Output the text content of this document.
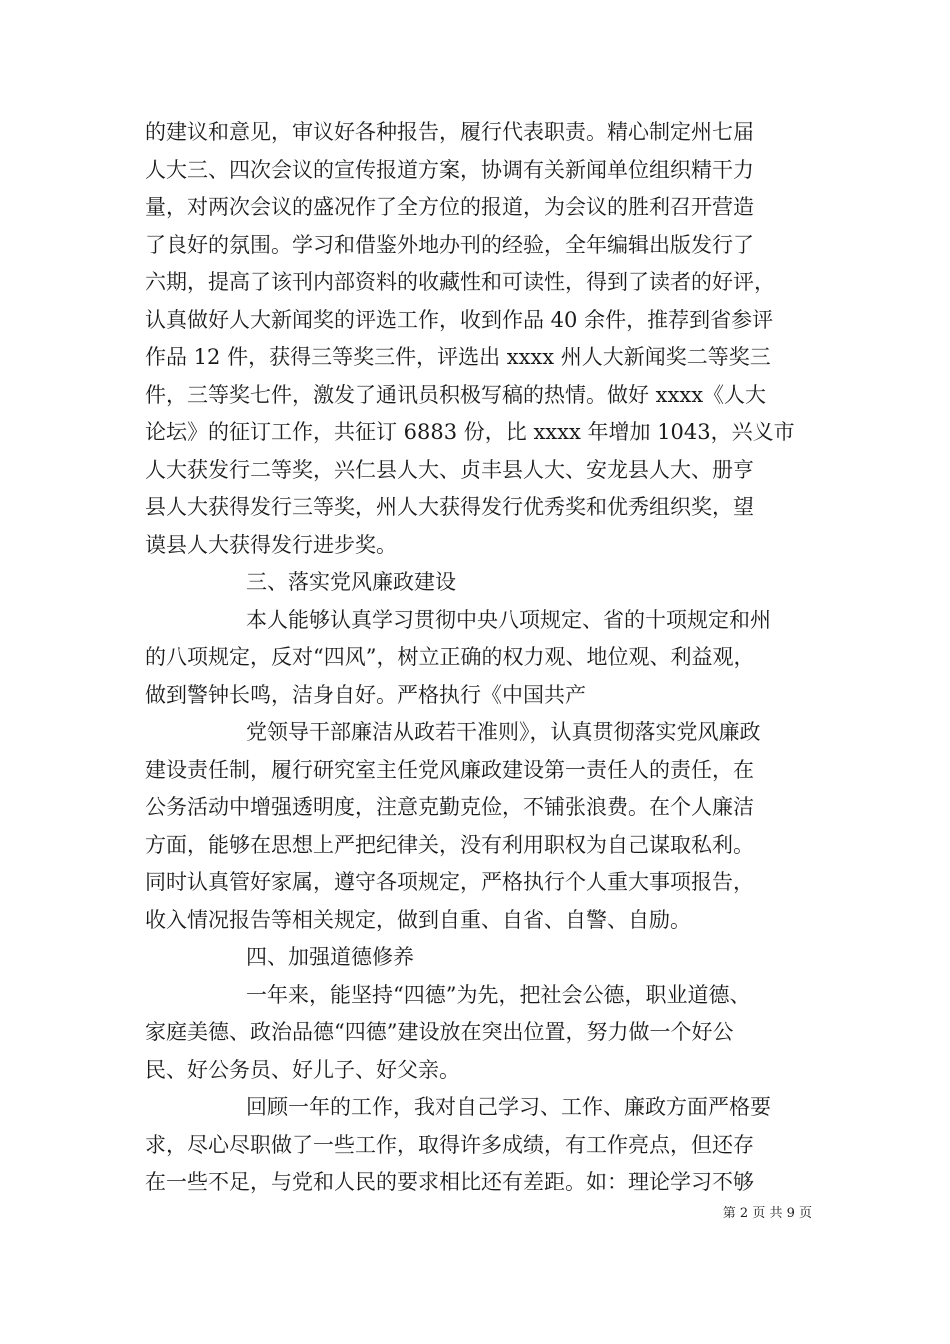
的建议和意见，审议好各种报告，履行代表职责。精心制定州七届
人大三、四次会议的宣传报道方案，协调有关新闻单位组织精干力
量，对两次会议的盛况作了全方位的报道，为会议的胜利召开营造
了良好的氛围。学习和借鉴外地办刊的经验，全年编辑出版发行了
六期，提高了该刊内部资料的收藏性和可读性，得到了读者的好评，
认真做好人大新闻奖的评选工作，收到作品 40 余件，推荐到省参评
作品 12 件，获得三等奖三件，评选出 xxxx 州人大新闻奖二等奖三
件，三等奖七件，激发了通讯员积极写稿的热情。做好 xxxx《人大
论坛》的征订工作，共征订 6883 份，比 xxxx 年增加 1043，兴义市
人大获发行二等奖，兴仁县人大、贞丰县人大、安龙县人大、册亨
县人大获得发行三等奖，州人大获得发行优秀奖和优秀组织奖，望
谟县人大获得发行进步奖。
三、落实党风廉政建设
本人能够认真学习贯彻中央八项规定、省的十项规定和州
的八项规定，反对“四风”，树立正确的权力观、地位观、利益观，
做到警钟长鸣，洁身自好。严格执行《中国共产
党领导干部廉洁从政若干准则》，认真贯彻落实党风廉政
建设责任制，履行研究室主任党风廉政建设第一责任人的责任，在
公务活动中增强透明度，注意克勤克俭，不铺张浪费。在个人廉洁
方面，能够在思想上严把纪律关，没有利用职权为自己谋取私利。
同时认真管好家属，遵守各项规定，严格执行个人重大事项报告，
收入情况报告等相关规定，做到自重、自省、自警、自励。
四、加强道德修养
一年来，能坚持“四德”为先，把社会公德，职业道德、
家庭美德、政治品德“四德”建设放在突出位置，努力做一个好公
民、好公务员、好儿子、好父亲。
回顾一年的工作，我对自己学习、工作、廉政方面严格要
求，尽心尽职做了一些工作，取得许多成绩，有工作亮点，但还存
在一些不足，与党和人民的要求相比还有差距。如：理论学习不够
第 2 页 共 9 页
